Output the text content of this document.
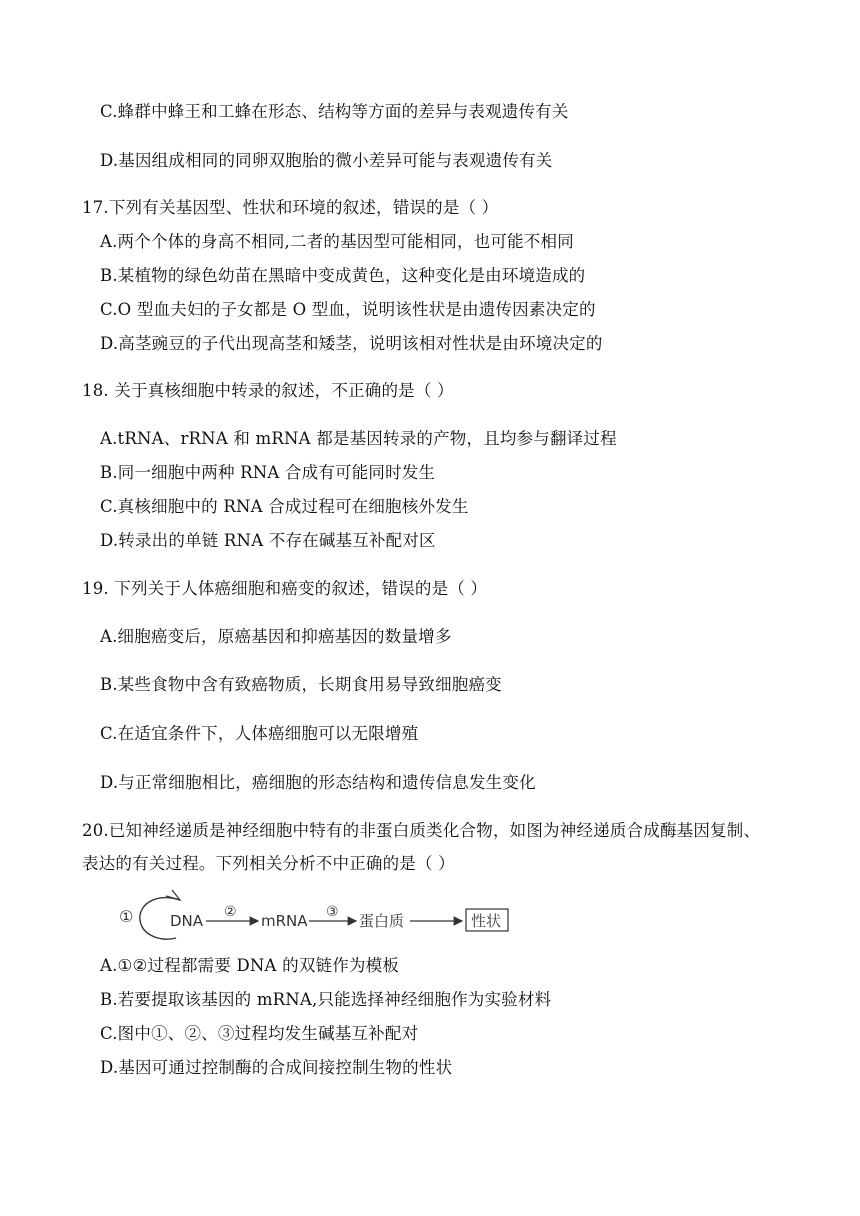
C.蜂群中蜂王和工蜂在形态、结构等方面的差异与表观遗传有关
D.基因组成相同的同卵双胞胎的微小差异可能与表观遗传有关
17.下列有关基因型、性状和环境的叙述，错误的是（ ）
A.两个个体的身高不相同,二者的基因型可能相同，也可能不相同
B.某植物的绿色幼苗在黑暗中变成黄色，这种变化是由环境造成的
C.O 型血夫妇的子女都是 O 型血，说明该性状是由遗传因素决定的
D.高茎豌豆的子代出现高茎和矮茎，说明该相对性状是由环境决定的
18. 关于真核细胞中转录的叙述，不正确的是（ ）
A.tRNA、rRNA 和 mRNA 都是基因转录的产物，且均参与翻译过程
B.同一细胞中两种 RNA 合成有可能同时发生
C.真核细胞中的 RNA 合成过程可在细胞核外发生
D.转录出的单链 RNA 不存在碱基互补配对区
19. 下列关于人体癌细胞和癌变的叙述，错误的是（ ）
A.细胞癌变后，原癌基因和抑癌基因的数量增多
B.某些食物中含有致癌物质，长期食用易导致细胞癌变
C.在适宜条件下，人体癌细胞可以无限增殖
D.与正常细胞相比，癌细胞的形态结构和遗传信息发生变化
20.已知神经递质是神经细胞中特有的非蛋白质类化合物，如图为神经递质合成酶基因复制、
表达的有关过程。下列相关分析不中正确的是（ ）
① DNA ② mRNA ③ 蛋白质	性状
A.①②过程都需要 DNA 的双链作为模板
B.若要提取该基因的 mRNA,只能选择神经细胞作为实验材料
C.图中①、②、③过程均发生碱基互补配对
D.基因可通过控制酶的合成间接控制生物的性状
